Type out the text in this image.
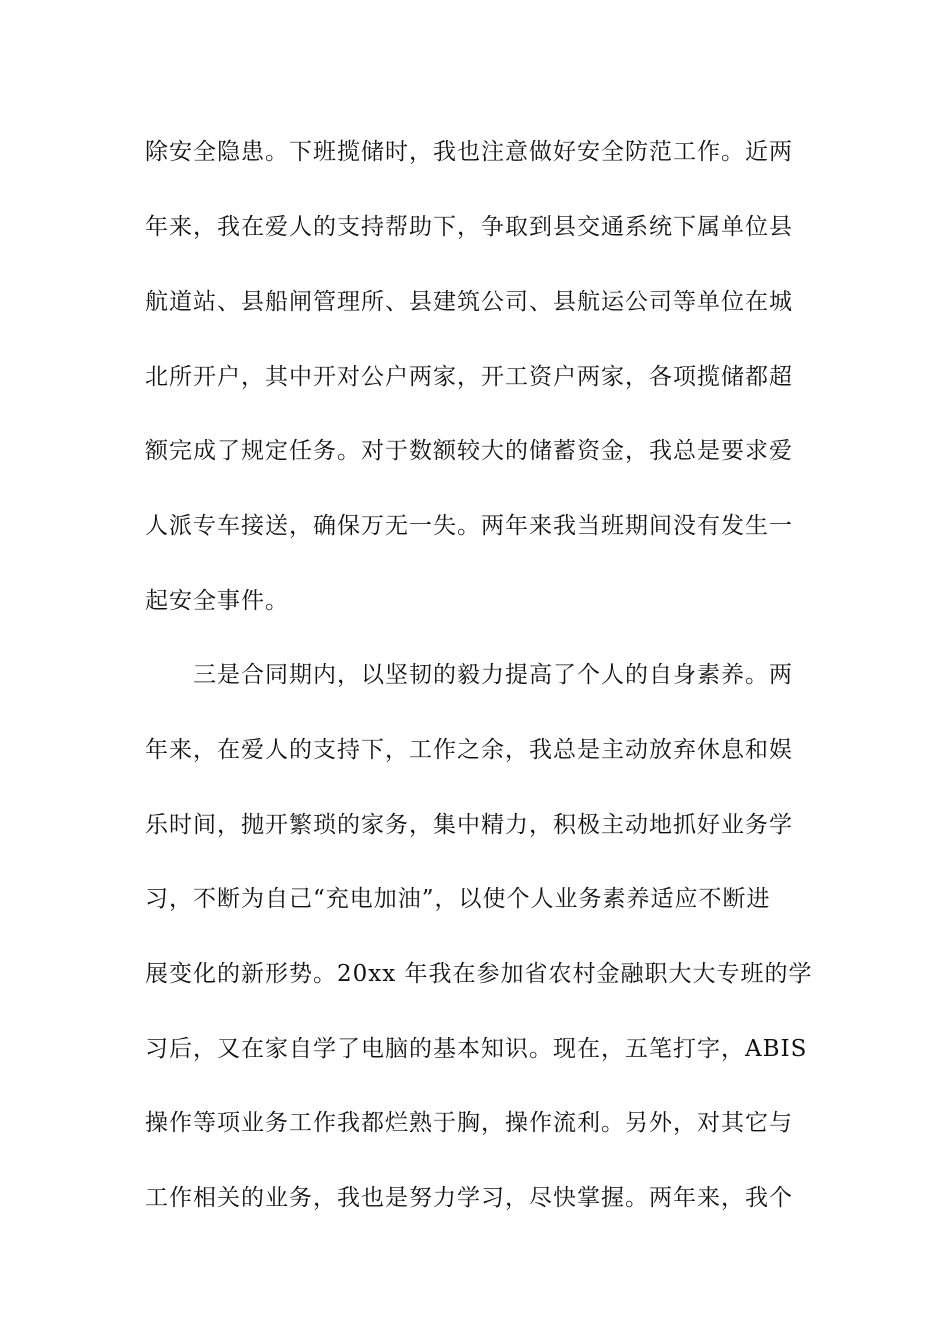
除安全隐患。下班揽储时，我也注意做好安全防范工作。近两
年来，我在爱人的支持帮助下，争取到县交通系统下属单位县
航道站、县船闸管理所、县建筑公司、县航运公司等单位在城
北所开户，其中开对公户两家，开工资户两家，各项揽储都超
额完成了规定任务。对于数额较大的储蓄资金，我总是要求爱
人派专车接送，确保万无一失。两年来我当班期间没有发生一
起安全事件。
三是合同期内，以坚韧的毅力提高了个人的自身素养。两
年来，在爱人的支持下，工作之余，我总是主动放弃休息和娱
乐时间，抛开繁琐的家务，集中精力，积极主动地抓好业务学
习，不断为自己“充电加油”，以使个人业务素养适应不断进
展变化的新形势。20xx 年我在参加省农村金融职大大专班的学
习后，又在家自学了电脑的基本知识。现在，五笔打字，ABIS
操作等项业务工作我都烂熟于胸，操作流利。另外，对其它与
工作相关的业务，我也是努力学习，尽快掌握。两年来，我个
